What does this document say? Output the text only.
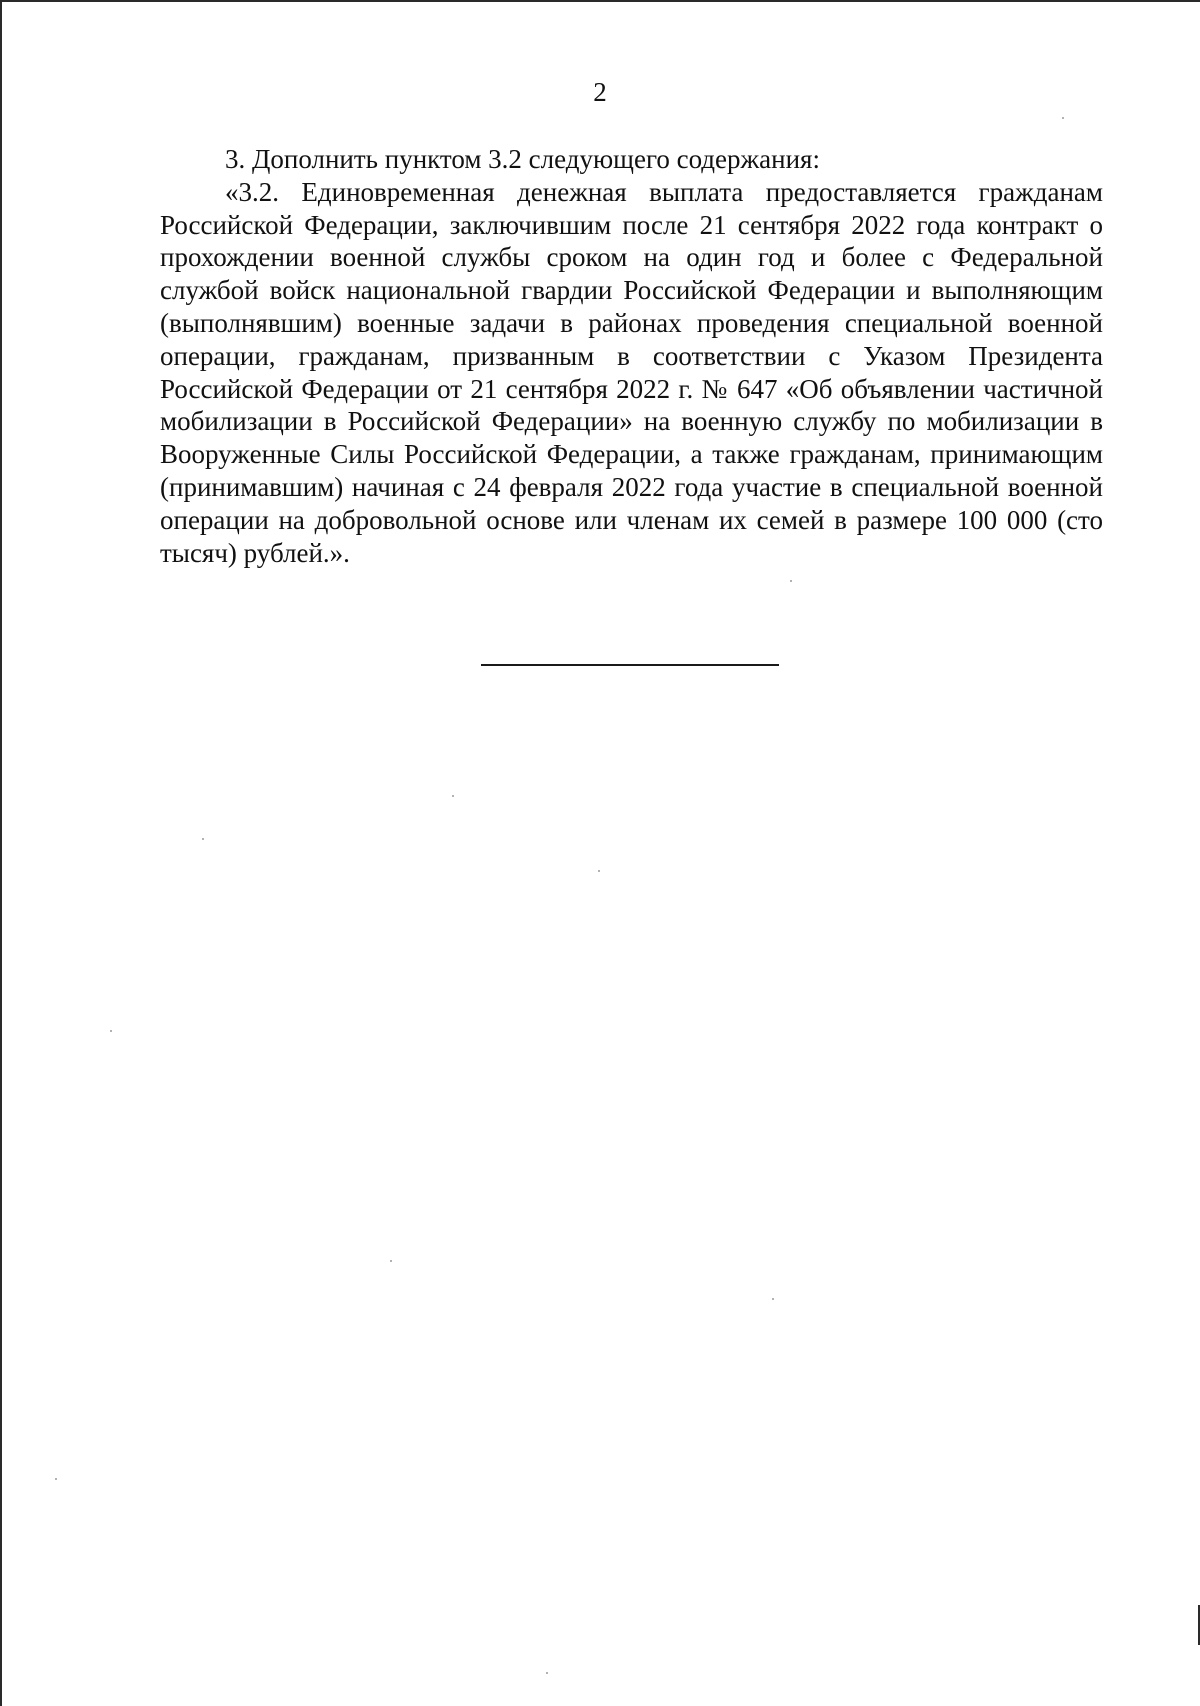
2

3. Дополнить пунктом 3.2 следующего содержания:

«3.2. Единовременная денежная выплата предоставляется гражданам Российской Федерации, заключившим после 21 сентября 2022 года контракт о прохождении военной службы сроком на один год и более с Федеральной службой войск национальной гвардии Российской Федерации и выполняющим (выполнявшим) военные задачи в районах проведения специальной военной операции, гражданам, призванным в соответствии с Указом Президента Российской Федерации от 21 сентября 2022 г. № 647 «Об объявлении частичной мобилизации в Российской Федерации» на военную службу по мобилизации в Вооруженные Силы Российской Федерации, а также гражданам, принимающим (принимавшим) начиная с 24 февраля 2022 года участие в специальной военной операции на добровольной основе или членам их семей в размере 100 000 (сто тысяч) рублей.».
